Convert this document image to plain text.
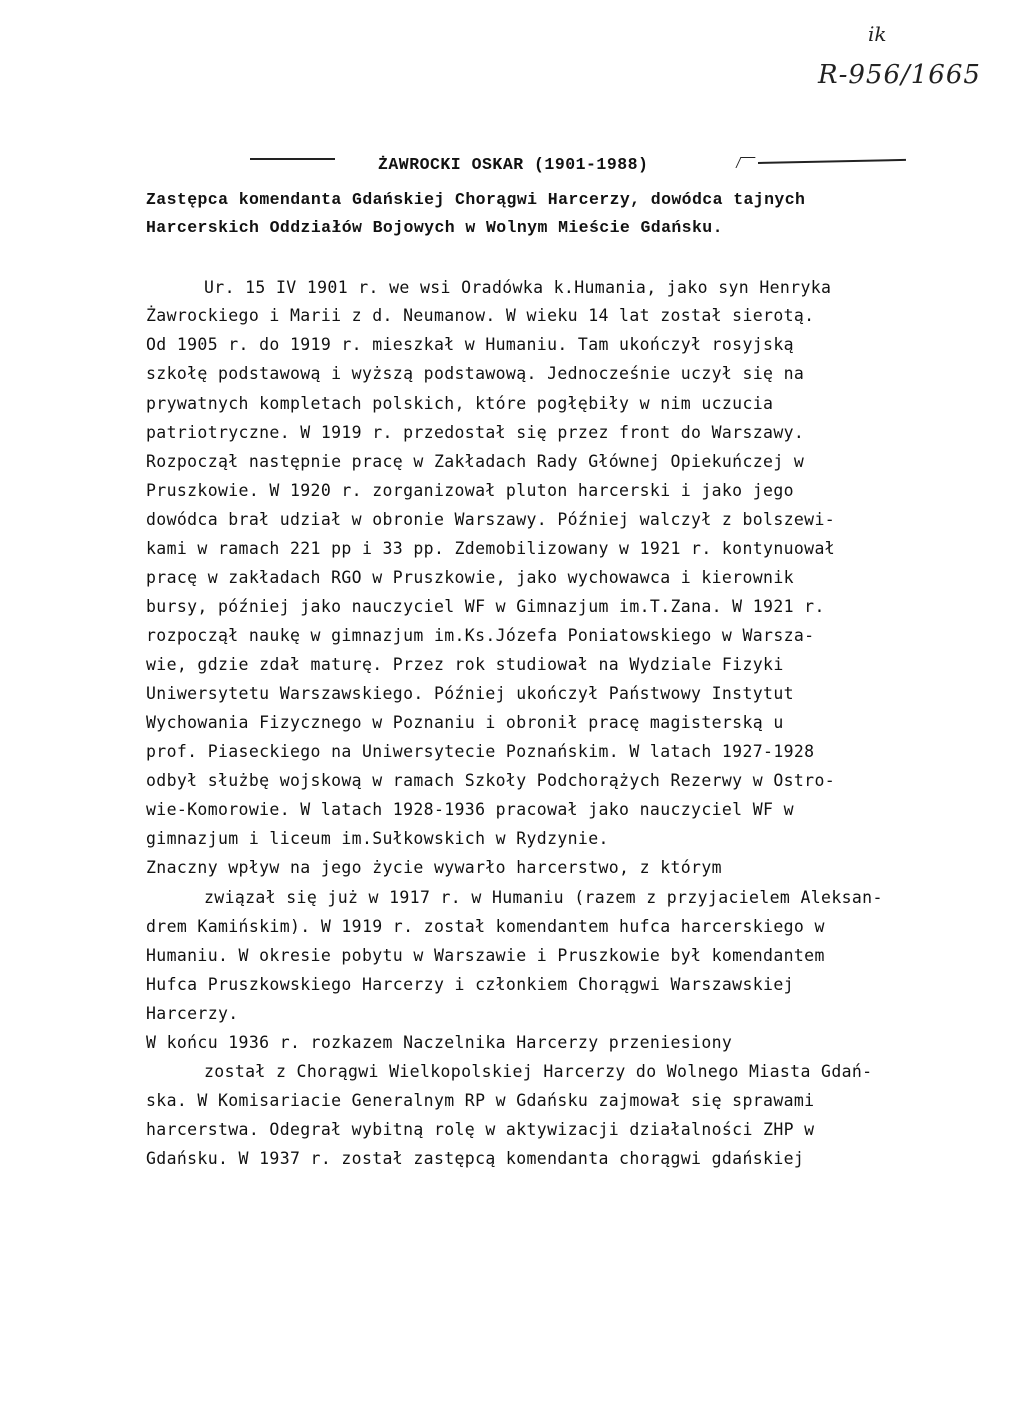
ik
R-956/1665
ŻAWROCKI OSKAR (1901-1988)
Zastępca komendanta Gdańskiej Chorągwi Harcerzy, dowódca tajnych
Harcerskich Oddziałów Bojowych w Wolnym Mieście Gdańsku.
Ur. 15 IV 1901 r. we wsi Oradówka k.Humania, jako syn Henryka
Żawrockiego i Marii z d. Neumanow. W wieku 14 lat został sierotą.
Od 1905 r. do 1919 r. mieszkał w Humaniu. Tam ukończył rosyjską
szkołę podstawową i wyższą podstawową. Jednocześnie uczył się na
prywatnych kompletach polskich, które pogłębiły w nim uczucia
patriotryczne. W 1919 r. przedostał się przez front do Warszawy.
Rozpoczął następnie pracę w Zakładach Rady Głównej Opiekuńczej w
Pruszkowie. W 1920 r. zorganizował pluton harcerski i jako jego
dowódca brał udział w obronie Warszawy. Później walczył z bolszewi-
kami w ramach 221 pp i 33 pp. Zdemobilizowany w 1921 r. kontynuował
pracę w zakładach RGO w Pruszkowie, jako wychowawca i kierownik
bursy, później jako nauczyciel WF w Gimnazjum im.T.Zana. W 1921 r.
rozpoczął naukę w gimnazjum im.Ks.Józefa Poniatowskiego w Warsza-
wie, gdzie zdał maturę. Przez rok studiował na Wydziale Fizyki
Uniwersytetu Warszawskiego. Później ukończył Państwowy Instytut
Wychowania Fizycznego w Poznaniu i obronił pracę magisterską u
prof. Piaseckiego na Uniwersytecie Poznańskim. W latach 1927-1928
odbył służbę wojskową w ramach Szkoły Podchorążych Rezerwy w Ostro-
wie-Komorowie. W latach 1928-1936 pracował jako nauczyciel WF w
gimnazjum i liceum im.Sułkowskich w Rydzynie.
Znaczny wpływ na jego życie wywarło harcerstwo, z którym
związał się już w 1917 r. w Humaniu (razem z przyjacielem Aleksan-
drem Kamińskim). W 1919 r. został komendantem hufca harcerskiego w
Humaniu. W okresie pobytu w Warszawie i Pruszkowie był komendantem
Hufca Pruszkowskiego Harcerzy i członkiem Chorągwi Warszawskiej
Harcerzy.
W końcu 1936 r. rozkazem Naczelnika Harcerzy przeniesiony
został z Chorągwi Wielkopolskiej Harcerzy do Wolnego Miasta Gdań-
ska. W Komisariacie Generalnym RP w Gdańsku zajmował się sprawami
harcerstwa. Odegrał wybitną rolę w aktywizacji działalności ZHP w
Gdańsku. W 1937 r. został zastępcą komendanta chorągwi gdańskiej
